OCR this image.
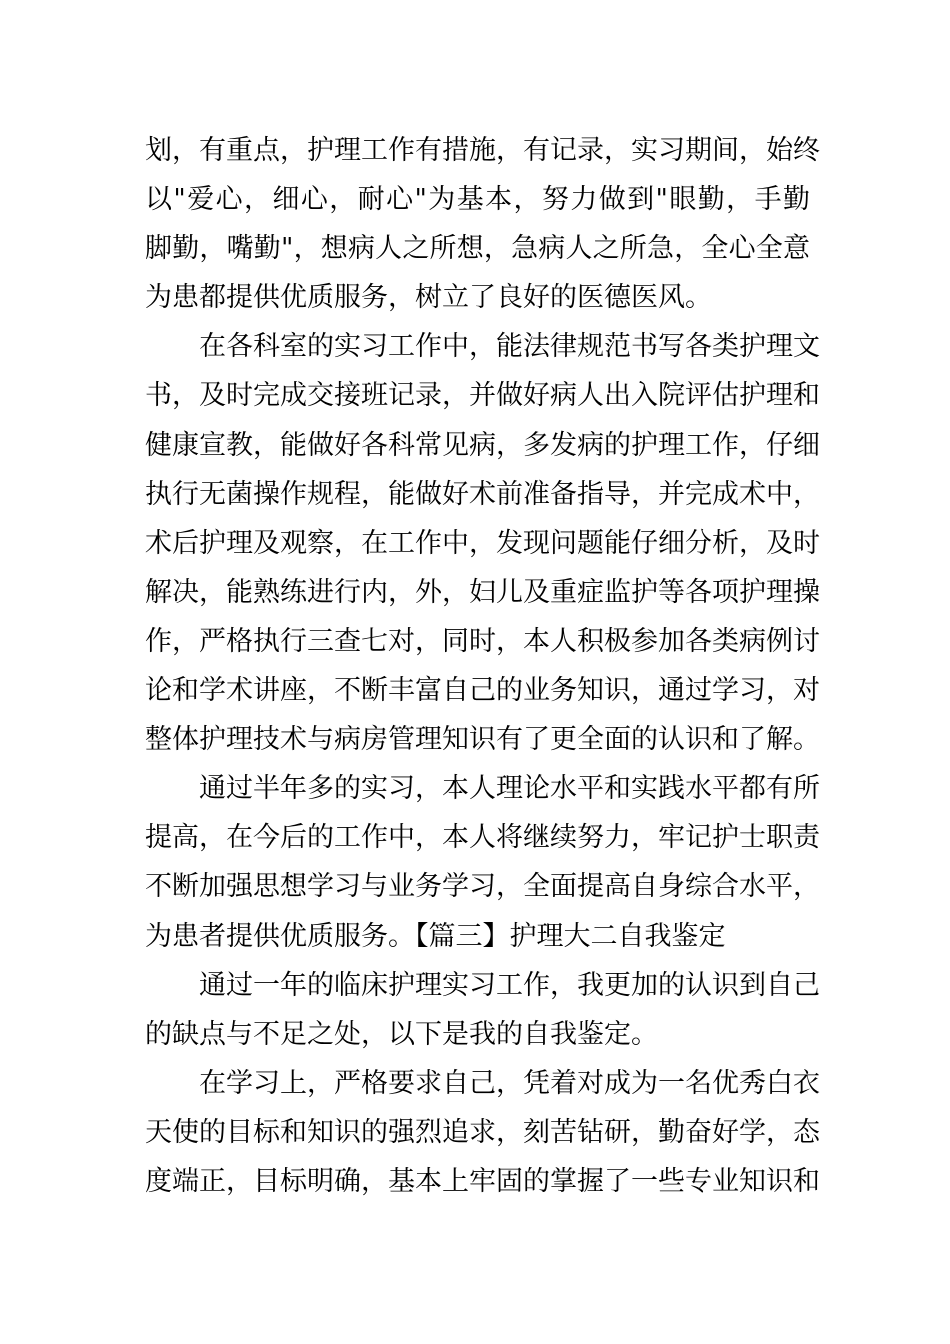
划，有重点，护理工作有措施，有记录，实习期间，始终
以"爱心，细心，耐心"为基本，努力做到"眼勤，手勤
脚勤，嘴勤"，想病人之所想，急病人之所急，全心全意
为患都提供优质服务，树立了良好的医德医风。
在各科室的实习工作中，能法律规范书写各类护理文
书，及时完成交接班记录，并做好病人出入院评估护理和
健康宣教，能做好各科常见病，多发病的护理工作，仔细
执行无菌操作规程，能做好术前准备指导，并完成术中，
术后护理及观察，在工作中，发现问题能仔细分析，及时
解决，能熟练进行内，外，妇儿及重症监护等各项护理操
作，严格执行三查七对，同时，本人积极参加各类病例讨
论和学术讲座，不断丰富自己的业务知识，通过学习，对
整体护理技术与病房管理知识有了更全面的认识和了解。
通过半年多的实习，本人理论水平和实践水平都有所
提高，在今后的工作中，本人将继续努力，牢记护士职责
不断加强思想学习与业务学习，全面提高自身综合水平，
为患者提供优质服务。【篇三】护理大二自我鉴定
通过一年的临床护理实习工作，我更加的认识到自己
的缺点与不足之处，以下是我的自我鉴定。
在学习上，严格要求自己，凭着对成为一名优秀白衣
天使的目标和知识的强烈追求，刻苦钻研，勤奋好学，态
度端正，目标明确，基本上牢固的掌握了一些专业知识和
